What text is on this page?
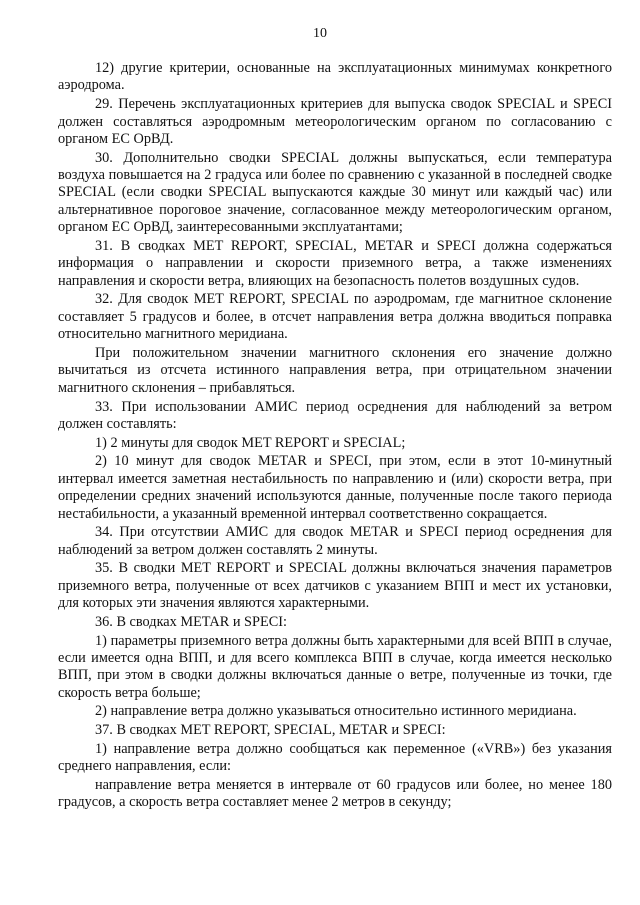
10

12) другие критерии, основанные на эксплуатационных минимумах конкретного аэродрома.

29. Перечень эксплуатационных критериев для выпуска сводок SPECIAL и SPECI должен составляться аэродромным метеорологическим органом по согласованию с органом ЕС ОрВД.

30. Дополнительно сводки SPECIAL должны выпускаться, если температура воздуха повышается на 2 градуса или более по сравнению с указанной в последней сводке SPECIAL (если сводки SPECIAL выпускаются каждые 30 минут или каждый час) или альтернативное пороговое значение, согласованное между метеорологическим органом, органом ЕС ОрВД, заинтересованными эксплуатантами;

31. В сводках MET REPORT, SPECIAL, METAR и SPECI должна содержаться информация о направлении и скорости приземного ветра, а также изменениях направления и скорости ветра, влияющих на безопасность полетов воздушных судов.

32. Для сводок MET REPORT, SPECIAL по аэродромам, где магнитное склонение составляет 5 градусов и более, в отсчет направления ветра должна вводиться поправка относительно магнитного меридиана.

При положительном значении магнитного склонения его значение должно вычитаться из отсчета истинного направления ветра, при отрицательном значении магнитного склонения – прибавляться.

33. При использовании АМИС период осреднения для наблюдений за ветром должен составлять:

1) 2 минуты для сводок MET REPORT и SPECIAL;

2) 10 минут для сводок METAR и SPECI, при этом, если в этот 10-минутный интервал имеется заметная нестабильность по направлению и (или) скорости ветра, при определении средних значений используются данные, полученные после такого периода нестабильности, а указанный временной интервал соответственно сокращается.

34. При отсутствии АМИС для сводок METAR и SPECI период осреднения для наблюдений за ветром должен составлять 2 минуты.

35. В сводки MET REPORT и SPECIAL должны включаться значения параметров приземного ветра, полученные от всех датчиков с указанием ВПП и мест их установки, для которых эти значения являются характерными.

36. В сводках METAR и SPECI:

1) параметры приземного ветра должны быть характерными для всей ВПП в случае, если имеется одна ВПП, и для всего комплекса ВПП в случае, когда имеется несколько ВПП, при этом в сводки должны включаться данные о ветре, полученные из точки, где скорость ветра больше;

2) направление ветра должно указываться относительно истинного меридиана.

37. В сводках MET REPORT, SPECIAL, METAR и SPECI:

1) направление ветра должно сообщаться как переменное («VRB») без указания среднего направления, если:

направление ветра меняется в интервале от 60 градусов или более, но менее 180 градусов, а скорость ветра составляет менее 2 метров в секунду;
